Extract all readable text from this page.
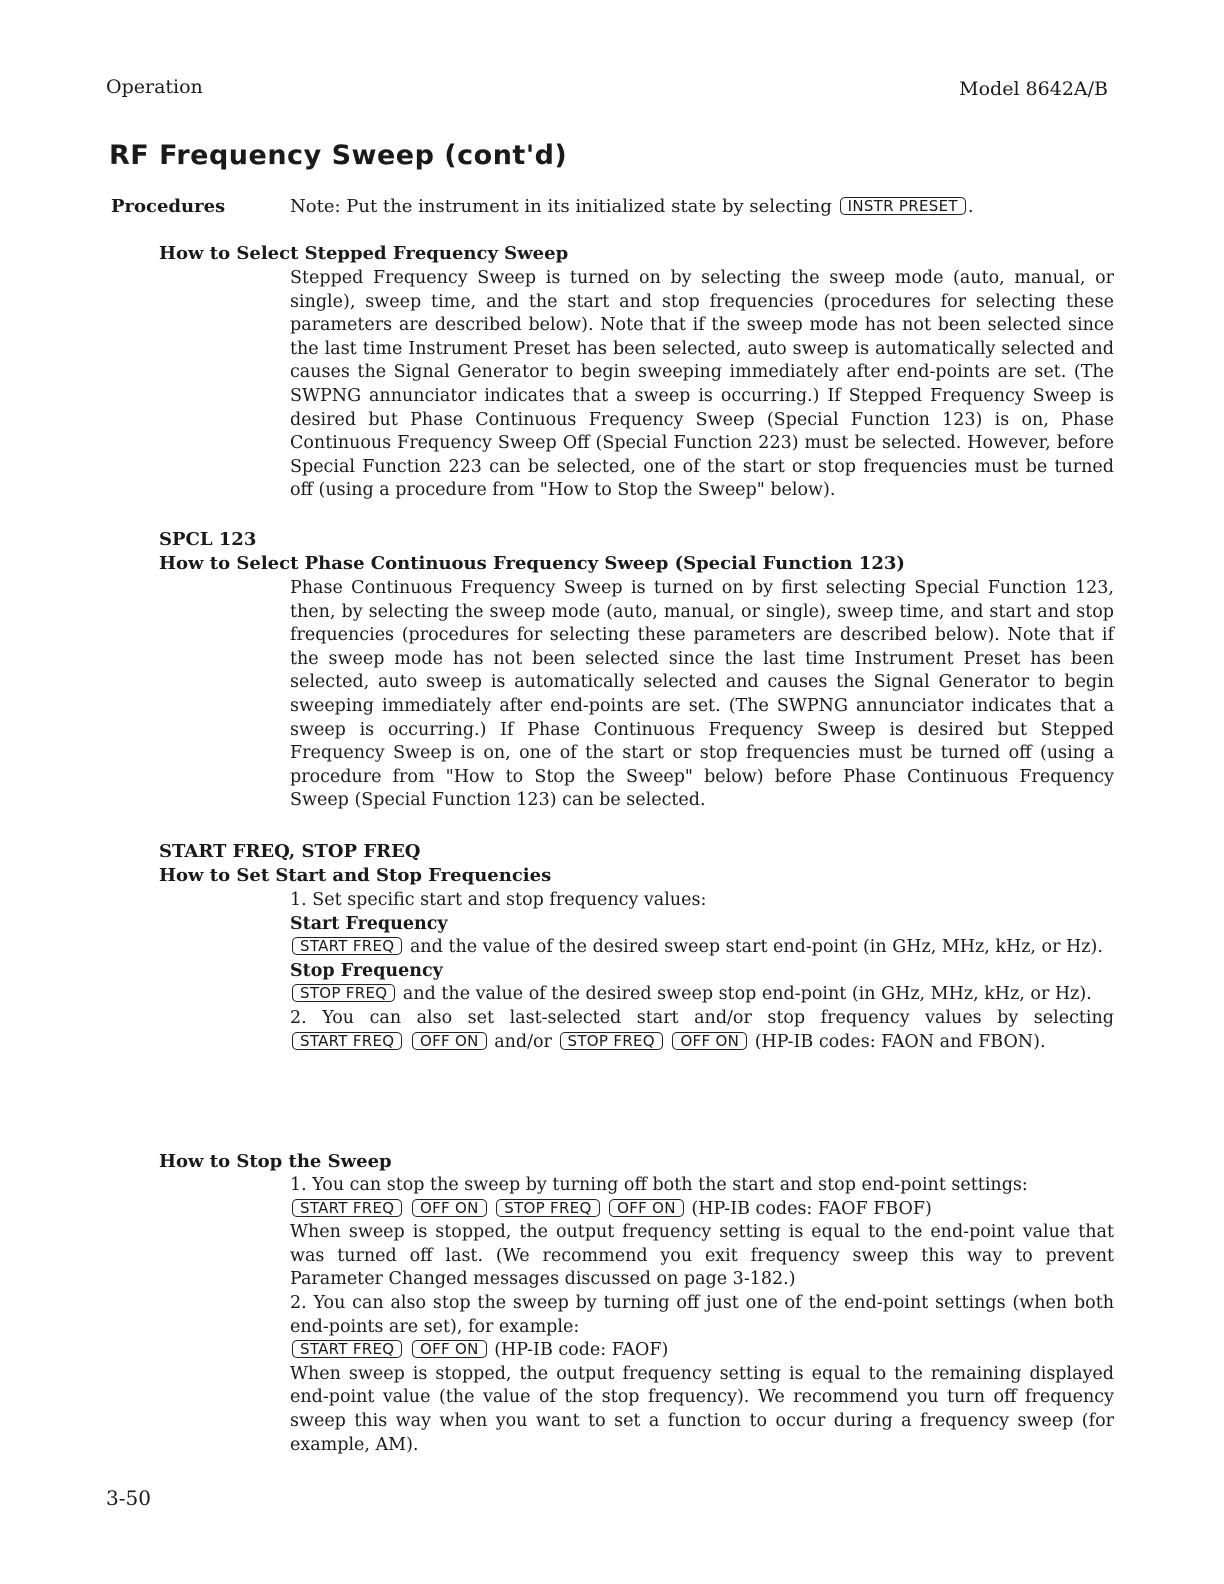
Operation	Model 8642A/B
RF Frequency Sweep (cont'd)
Procedures	Note: Put the instrument in its initialized state by selecting INSTR PRESET .
How to Select Stepped Frequency Sweep

Stepped Frequency Sweep is turned on by selecting the sweep mode (auto, manual, or single), sweep time, and the start and stop frequencies (procedures for selecting these parameters are described below). Note that if the sweep mode has not been selected since the last time Instrument Preset has been selected, auto sweep is automatically selected and causes the Signal Generator to begin sweeping immediately after end-points are set. (The SWPNG annunciator indicates that a sweep is occurring.) If Stepped Frequency Sweep is desired but Phase Continuous Frequency Sweep (Special Function 123) is on, Phase Continuous Frequency Sweep Off (Special Function 223) must be selected. However, before Special Function 223 can be selected, one of the start or stop frequencies must be turned off (using a procedure from "How to Stop the Sweep" below).

SPCL 123
How to Select Phase Continuous Frequency Sweep (Special Function 123)

Phase Continuous Frequency Sweep is turned on by first selecting Special Function 123, then, by selecting the sweep mode (auto, manual, or single), sweep time, and start and stop frequencies (procedures for selecting these parameters are described below). Note that if the sweep mode has not been selected since the last time Instrument Preset has been selected, auto sweep is automatically selected and causes the Signal Generator to begin sweeping immediately after end-points are set. (The SWPNG annunciator indicates that a sweep is occurring.) If Phase Continuous Frequency Sweep is desired but Stepped Frequency Sweep is on, one of the start or stop frequencies must be turned off (using a procedure from "How to Stop the Sweep" below) before Phase Continuous Frequency Sweep (Special Function 123) can be selected.

START FREQ, STOP FREQ
How to Set Start and Stop Frequencies

1. Set specific start and stop frequency values:

Start Frequency

START FREQ and the value of the desired sweep start end-point (in GHz, MHz, kHz, or Hz).

Stop Frequency

STOP FREQ and the value of the desired sweep stop end-point (in GHz, MHz, kHz, or Hz).

2. You can also set last-selected start and/or stop frequency values by selecting START FREQ OFF ON and/or STOP FREQ OFF ON (HP-IB codes: FAON and FBON).

How to Stop the Sweep

1. You can stop the sweep by turning off both the start and stop end-point settings:

START FREQ OFF ON STOP FREQ OFF ON (HP-IB codes: FAOF FBOF)

When sweep is stopped, the output frequency setting is equal to the end-point value that was turned off last. (We recommend you exit frequency sweep this way to prevent Parameter Changed messages discussed on page 3-182.)

2. You can also stop the sweep by turning off just one of the end-point settings (when both end-points are set), for example:

START FREQ OFF ON (HP-IB code: FAOF)

When sweep is stopped, the output frequency setting is equal to the remaining displayed end-point value (the value of the stop frequency). We recommend you turn off frequency sweep this way when you want to set a function to occur during a frequency sweep (for example, AM).

3-50
